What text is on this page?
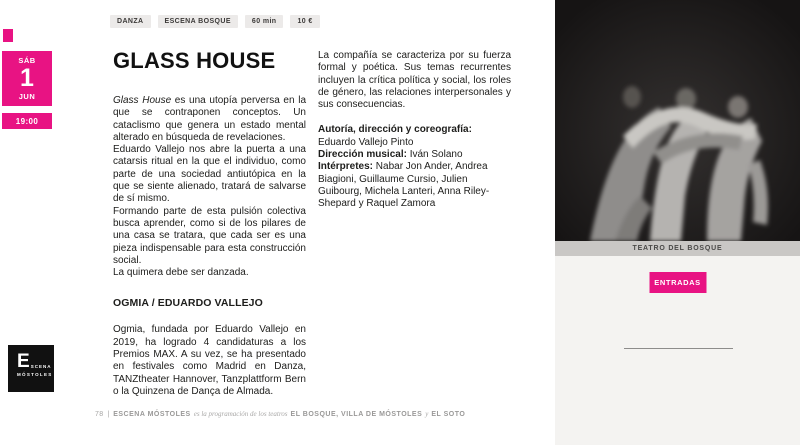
SÁB
1
JUN
19:00
DANZA	ESCENA BOSQUE	60 min	10 €
GLASS HOUSE

Glass House es una utopía perversa en la que se contraponen conceptos. Un cataclismo que genera un estado mental alterado en búsqueda de revelaciones.

Eduardo Vallejo nos abre la puerta a una catarsis ritual en la que el individuo, como parte de una sociedad antiutópica en la que se siente alienado, tratará de salvarse de sí mismo.

Formando parte de esta pulsión colectiva busca aprender, como si de los pilares de una casa se tratara, que cada ser es una pieza indispensable para esta construcción social.

La quimera debe ser danzada.

OGMIA / EDUARDO VALLEJO

Ogmia, fundada por Eduardo Vallejo en 2019, ha logrado 4 candidaturas a los Premios MAX. A su vez, se ha presentado en festivales como Madrid en Danza, TANZtheater Hannover, Tanzplattform Bern o la Quinzena de Dança de Almada.

La compañía se caracteriza por su fuerza formal y poética. Sus temas recurrentes incluyen la crítica política y social, los roles de género, las relaciones interpersonales y sus consecuencias.

Autoría, dirección y coreografía:
Eduardo Vallejo Pinto
Dirección musical: Iván Solano
Intérpretes: Nabar Jon Ander, Andrea Biagioni, Guillaume Cursio, Julien Guibourg, Michela Lanteri, Anna Riley-Shepard y Raquel Zamora
TEATRO DEL BOSQUE
ENTRADAS
E SCENA
MÓSTOLES
78 | ESCENA MÓSTOLES es la programación de los teatros EL BOSQUE, VILLA DE MÓSTOLES y EL SOTO
